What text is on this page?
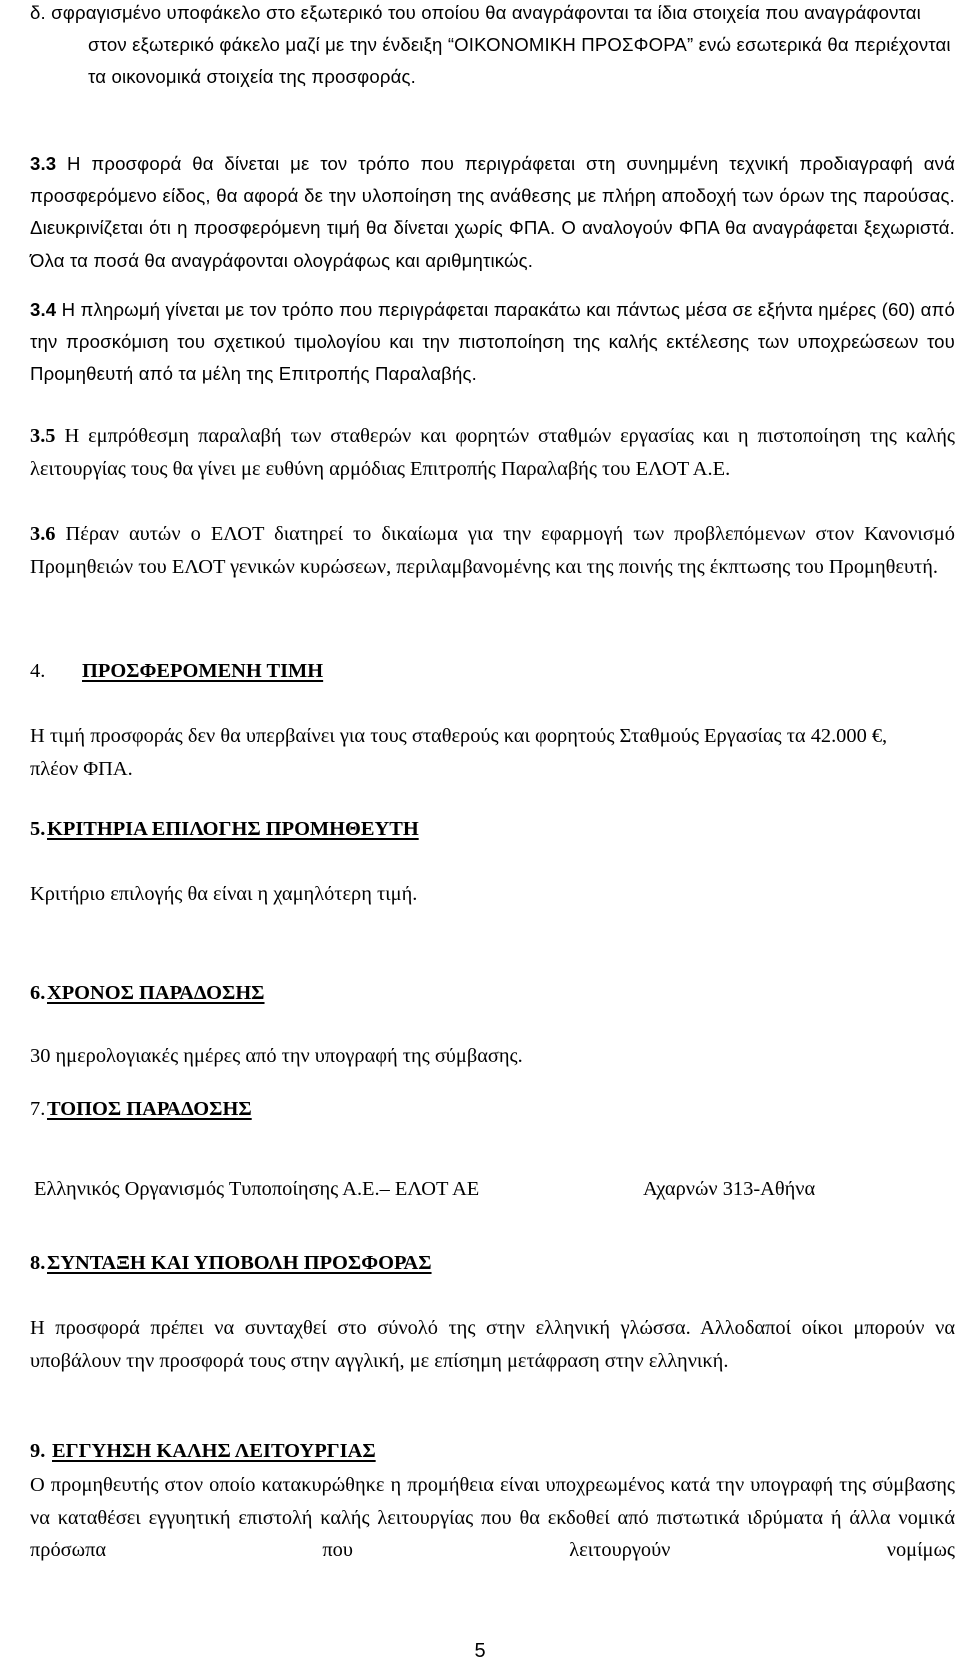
δ. σφραγισμένο υποφάκελο στο εξωτερικό του οποίου θα αναγράφονται τα ίδια στοιχεία που αναγράφονται στον εξωτερικό φάκελο μαζί με την ένδειξη “ΟΙΚΟΝΟΜΙΚΗ ΠΡΟΣΦΟΡΑ” ενώ εσωτερικά θα περιέχονται τα οικονομικά στοιχεία της προσφοράς.

3.3 Η προσφορά θα δίνεται με τον τρόπο που περιγράφεται στη συνημμένη τεχνική προδιαγραφή ανά προσφερόμενο είδος, θα αφορά δε την υλοποίηση της ανάθεσης με πλήρη αποδοχή των όρων της παρούσας. Διευκρινίζεται ότι η προσφερόμενη τιμή θα δίνεται χωρίς ΦΠΑ. Ο αναλογούν ΦΠΑ θα αναγράφεται ξεχωριστά. Όλα τα ποσά θα αναγράφονται ολογράφως και αριθμητικώς.

3.4 Η πληρωμή γίνεται με τον τρόπο που περιγράφεται παρακάτω και πάντως μέσα σε εξήντα ημέρες (60) από την προσκόμιση του σχετικού τιμολογίου και την πιστοποίηση της καλής εκτέλεσης των υποχρεώσεων του Προμηθευτή από τα μέλη της Επιτροπής Παραλαβής.

3.5 Η εμπρόθεσμη παραλαβή των σταθερών και φορητών σταθμών εργασίας και η πιστοποίηση της καλής λειτουργίας τους θα γίνει με ευθύνη αρμόδιας Επιτροπής Παραλαβής του ΕΛΟΤ Α.Ε.

3.6 Πέραν αυτών ο ΕΛΟΤ διατηρεί το δικαίωμα για την εφαρμογή των προβλεπόμενων στον Κανονισμό Προμηθειών του ΕΛΟΤ γενικών κυρώσεων, περιλαμβανομένης και της ποινής της έκπτωσης του Προμηθευτή.

4. ΠΡΟΣΦΕΡΟΜΕΝΗ ΤΙΜΗ

Η τιμή προσφοράς δεν θα υπερβαίνει για τους σταθερούς και φορητούς Σταθμούς Εργασίας τα 42.000 €, πλέον ΦΠΑ.

5.ΚΡΙΤΗΡΙΑ ΕΠΙΛΟΓΗΣ ΠΡΟΜΗΘΕΥΤΗ

Κριτήριο επιλογής θα είναι η χαμηλότερη τιμή.

6.ΧΡΟΝΟΣ ΠΑΡΑΔΟΣΗΣ

30 ημερολογιακές ημέρες από την υπογραφή της σύμβασης.

7.ΤΟΠΟΣ ΠΑΡΑΔΟΣΗΣ
Ελληνικός Οργανισμός Τυποποίησης Α.Ε.– ΕΛΟΤ ΑΕ	Αχαρνών 313-Αθήνα
8.ΣΥΝΤΑΞΗ ΚΑΙ ΥΠΟΒΟΛΗ ΠΡΟΣΦΟΡΑΣ

Η προσφορά πρέπει να συνταχθεί στο σύνολό της στην ελληνική γλώσσα. Αλλοδαποί οίκοι μπορούν να υποβάλουν την προσφορά τους στην αγγλική, με επίσημη μετάφραση στην ελληνική.

9. ΕΓΓΥΗΣΗ ΚΑΛΗΣ ΛΕΙΤΟΥΡΓΙΑΣ

Ο προμηθευτής στον οποίο κατακυρώθηκε η προμήθεια είναι υποχρεωμένος κατά την υπογραφή της σύμβασης να καταθέσει εγγυητική επιστολή καλής λειτουργίας που θα εκδοθεί από πιστωτικά ιδρύματα ή άλλα νομικά πρόσωπα που λειτουργούν νομίμως

5
